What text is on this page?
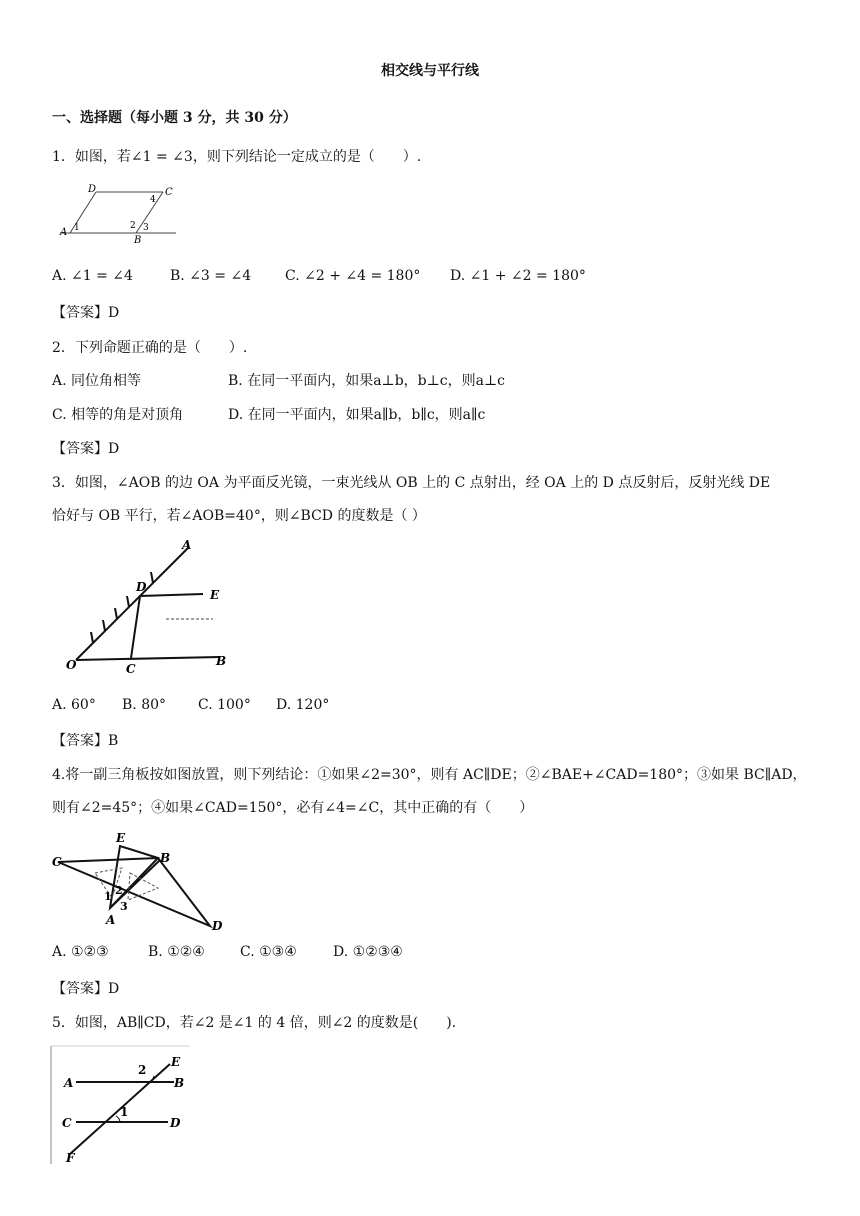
相交线与平行线
一、选择题（每小题 3 分，共 30 分）
1．如图，若∠1 = ∠3，则下列结论一定成立的是（　　）.
D	C
4
2 3
A 1
B
A. ∠1 = ∠4	B. ∠3 = ∠4 C. ∠2 + ∠4 = 180° D. ∠1 + ∠2 = 180°
【答案】D
2．下列命题正确的是（　　）.
A. 同位角相等	B. 在同一平面内，如果a⊥b，b⊥c，则a⊥c
C. 相等的角是对顶角	D. 在同一平面内，如果a∥b，b∥c，则a∥c
【答案】D
3．如图，∠AOB 的边 OA 为平面反光镜，一束光线从 OB 上的 C 点射出，经 OA 上的 D 点反射后，反射光线 DE
恰好与 OB 平行，若∠AOB=40°，则∠BCD 的度数是（ ）
A
D
E
O	C
B
A. 60° B. 80° C. 100° D. 120°
【答案】B
4.将一副三角板按如图放置，则下列结论：①如果∠2=30°，则有 AC∥DE；②∠BAE+∠CAD=180°；③如果 BC∥AD，
则有∠2=45°；④如果∠CAD=150°，必有∠4=∠C，其中正确的有（　　）
E
C	B
1 2
3
A	D
A. ①②③	B. ①②④	C. ①③④	D. ①②③④
【答案】D
5．如图，AB∥CD，若∠2 是∠1 的 4 倍，则∠2 的度数是(　　).
E
2
A	B
C
1
D
F
